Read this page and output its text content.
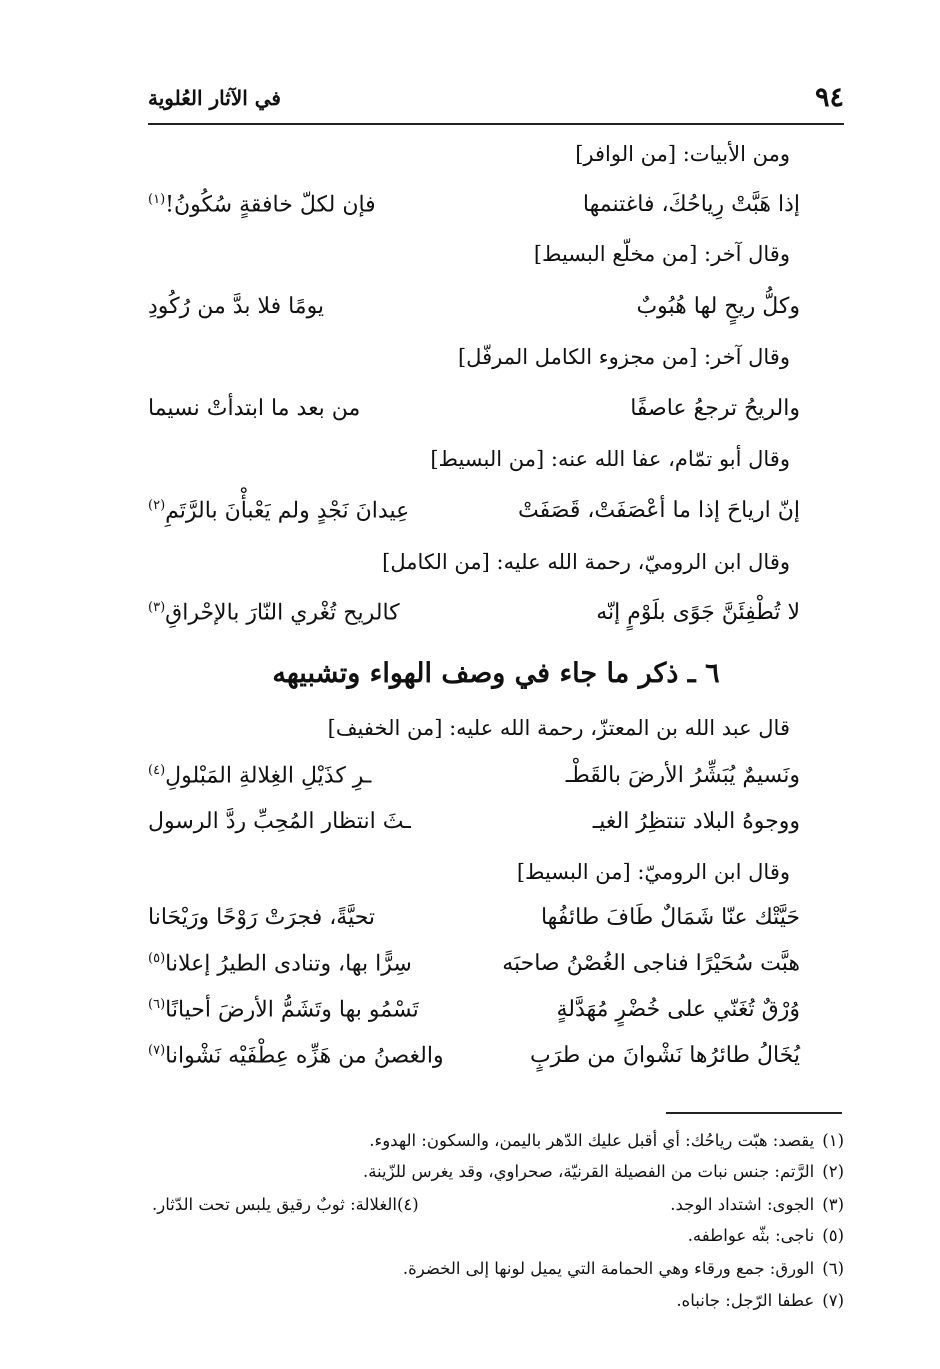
٩٤
في الآثار العُلوية
ومن الأبيات: [من الوافر]
إذا هَبَّتْ رِياحُكَ، فاغتنمها
فإن لكلّ خافقةٍ سُكُونُ!$^{(١)}$
وقال آخر: [من مخلّع البسيط]
وكلُّ ريحٍ لها هُبُوبٌ
يومًا فلا بدَّ من رُكُودِ
وقال آخر: [من مجزوء الكامل المرفّل]
والريحُ ترجعُ عاصفًا
من بعد ما ابتدأتْ نسيما
وقال أبو تمّام، عفا الله عنه: [من البسيط]
إنّ ارياحَ إذا ما أعْصَفَتْ، قَصَفَتْ
عِيدانَ نَجْدٍ ولم يَعْبأْنَ بالرَّتَمِ$^{(٢)}$
وقال ابن الروميّ، رحمة الله عليه: [من الكامل]
لا تُطْفِئَنَّ جَوًى بلَوْمٍ إنّه
كالريح تُغْري النّارَ بالإحْراقِ$^{(٣)}$
٦ ـ ذكر ما جاء في وصف الهواء وتشبيهه
قال عبد الله بن المعتزّ، رحمة الله عليه: [من الخفيف]
ونَسيمٌ يُبَشِّرُ الأرضَ بالقَطْـ
ـرِ كذَيْلِ الغِلالةِ المَبْلولِ$^{(٤)}$
ووجوهُ البلاد تنتظِرُ الغيـ
ـثَ انتظار المُحِبِّ ردَّ الرسول
وقال ابن الروميّ: [من البسيط]
حَيَّتْك عنّا شَمَالٌ طَافَ طائفُها
تحيَّةً، فجرَتْ رَوْحًا ورَيْحَانا
هبَّت سُحَيْرًا فناجى الغُصْنُ صاحبَه
سِرًّا بها، وتنادى الطيرُ إعلانا$^{(٥)}$
وُرْقٌ تُغَنّي على خُضْرٍ مُهَدَّلةٍ
تَسْمُو بها وتَشَمُّ الأرضَ أحيانًا$^{(٦)}$
يُخَالُ طائرُها نَشْوانَ من طرَبٍ
والغصنُ من هَزِّه عِطْفَيْه نَشْوانا$^{(٧)}$
(١)يقصد: هبّت رياحُك: أي أقبل عليك الدّهر باليمن، والسكون: الهدوء.
(٢)الرَّتم: جنس نبات من الفصيلة القرنيّة، صحراوي، وقد يغرس للزّينة.
(٣)الجوى: اشتداد الوجد.
(٤)الغلالة: ثوبٌ رقيق يلبس تحت الدّثار.
(٥)ناجى: بثّه عواطفه.
(٦)الورق: جمع ورقاء وهي الحمامة التي يميل لونها إلى الخضرة.
(٧)عطفا الرّجل: جانباه.
